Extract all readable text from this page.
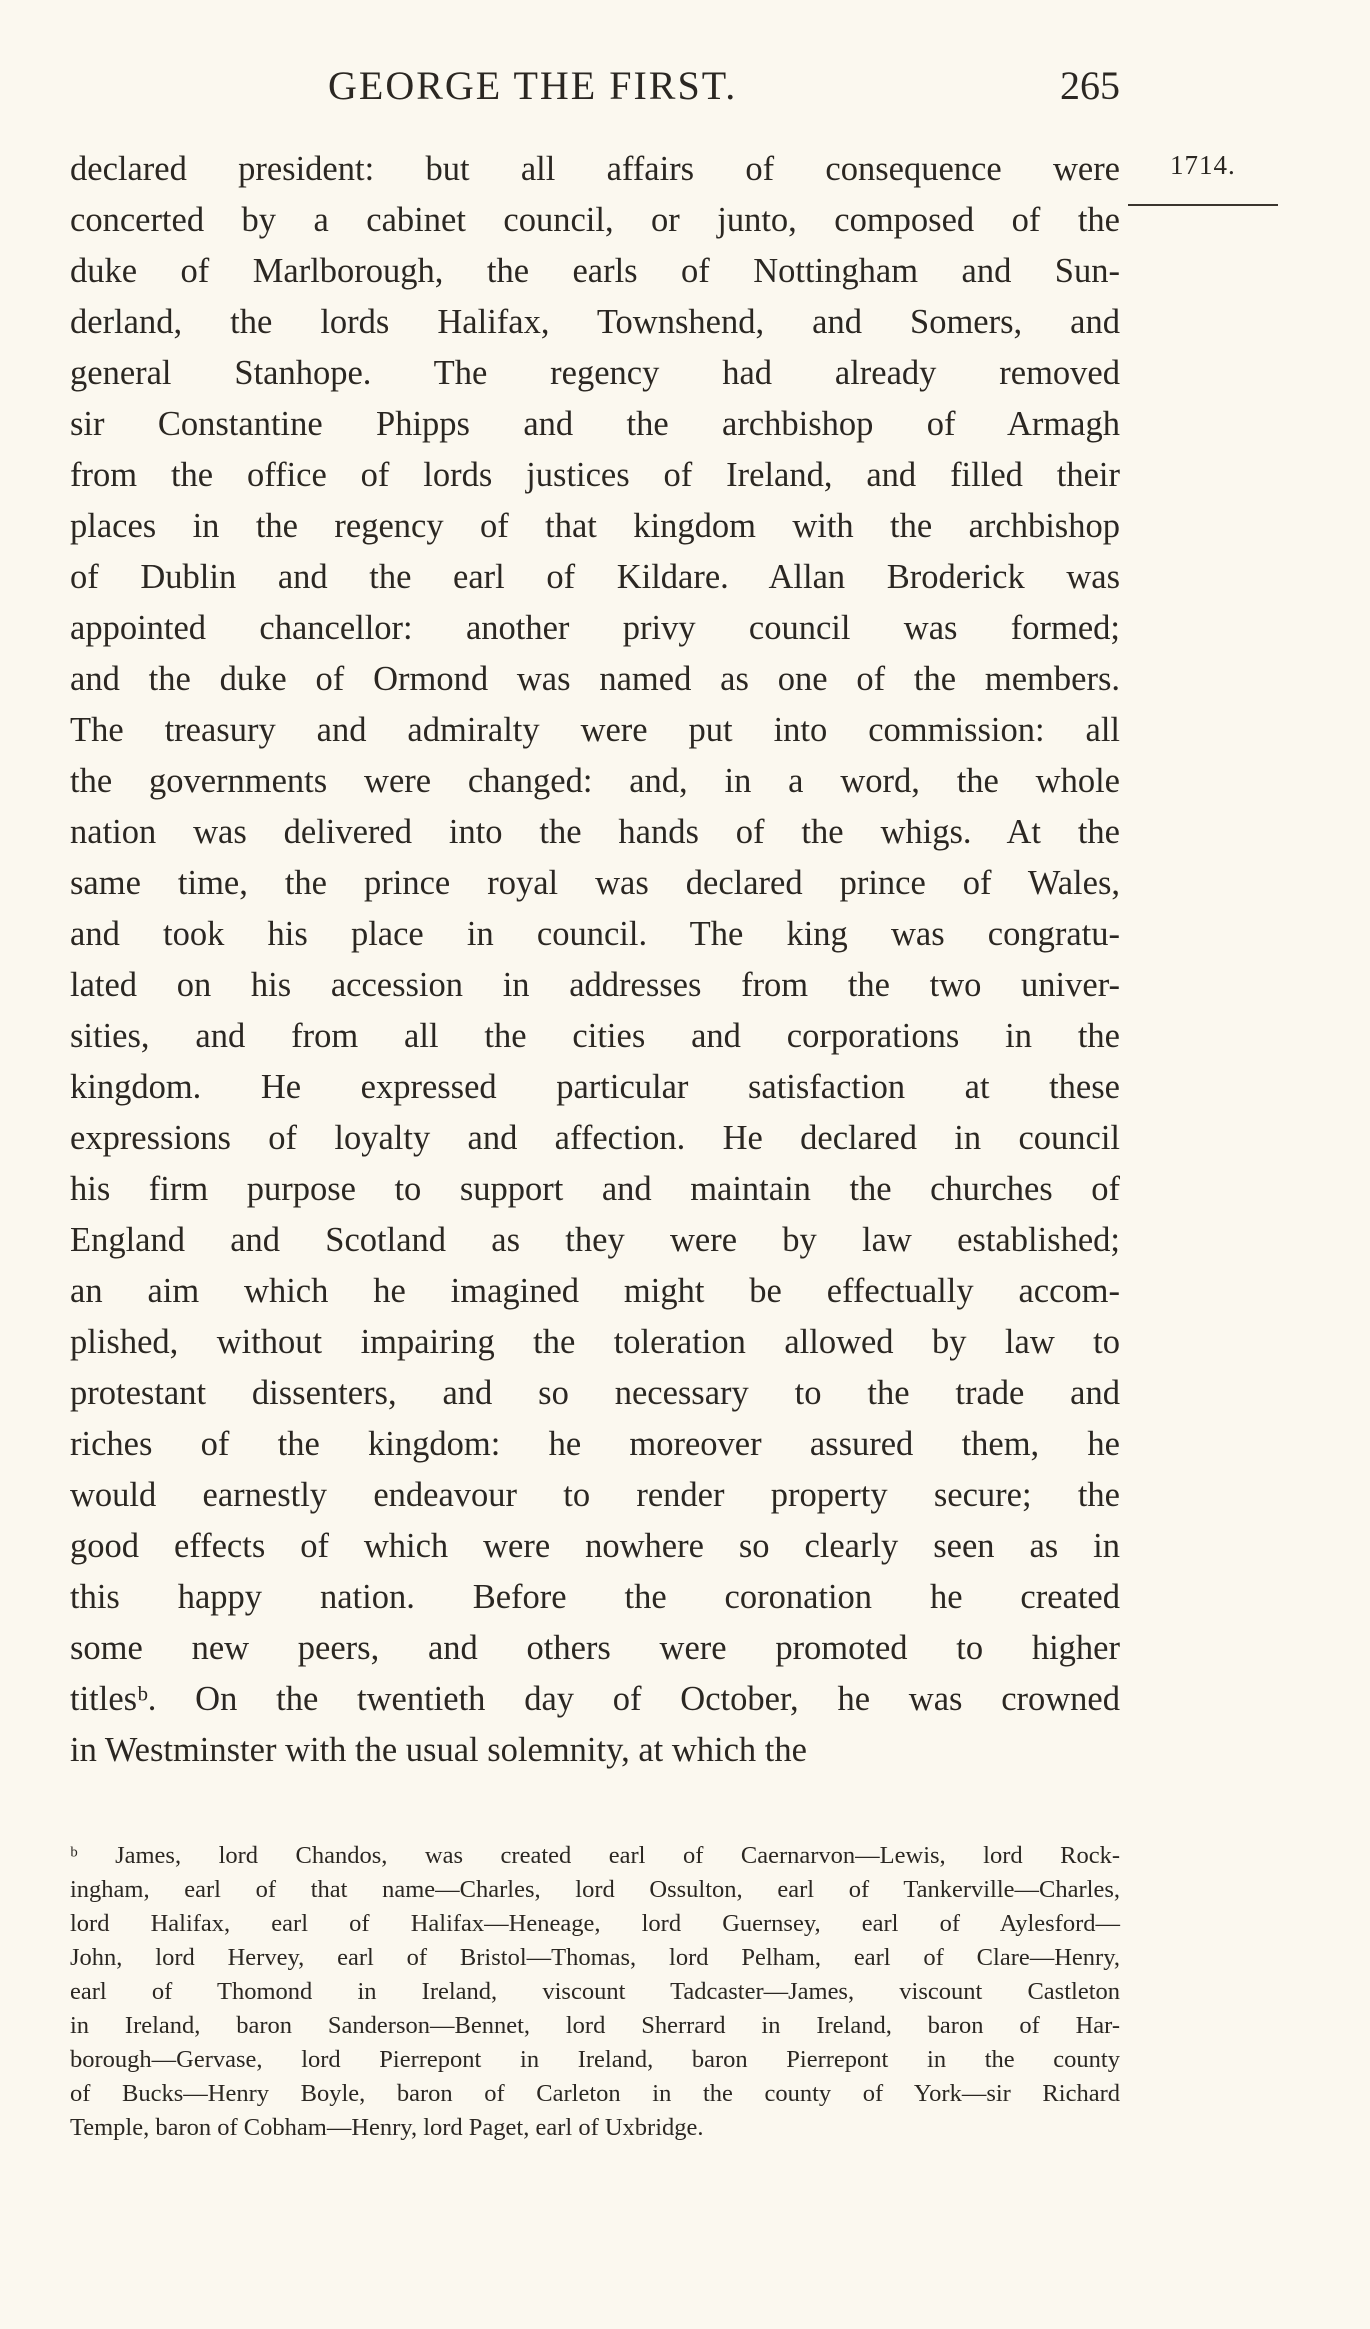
GEORGE THE FIRST.	265
1714.
declared president: but all affairs of consequence were
concerted by a cabinet council, or junto, composed of the
duke of Marlborough, the earls of Nottingham and Sun-
derland, the lords Halifax, Townshend, and Somers, and
general Stanhope. The regency had already removed
sir Constantine Phipps and the archbishop of Armagh
from the office of lords justices of Ireland, and filled their
places in the regency of that kingdom with the archbishop
of Dublin and the earl of Kildare. Allan Broderick was
appointed chancellor: another privy council was formed;
and the duke of Ormond was named as one of the members.
The treasury and admiralty were put into commission: all
the governments were changed: and, in a word, the whole
nation was delivered into the hands of the whigs. At the
same time, the prince royal was declared prince of Wales,
and took his place in council. The king was congratu-
lated on his accession in addresses from the two univer-
sities, and from all the cities and corporations in the
kingdom. He expressed particular satisfaction at these
expressions of loyalty and affection. He declared in council
his firm purpose to support and maintain the churches of
England and Scotland as they were by law established;
an aim which he imagined might be effectually accom-
plished, without impairing the toleration allowed by law to
protestant dissenters, and so necessary to the trade and
riches of the kingdom: he moreover assured them, he
would earnestly endeavour to render property secure; the
good effects of which were nowhere so clearly seen as in
this happy nation. Before the coronation he created
some new peers, and others were promoted to higher
titlesᵇ. On the twentieth day of October, he was crowned
in Westminster with the usual solemnity, at which the
ᵇ James, lord Chandos, was created earl of Caernarvon—Lewis, lord Rock-
ingham, earl of that name—Charles, lord Ossulton, earl of Tankerville—Charles,
lord Halifax, earl of Halifax—Heneage, lord Guernsey, earl of Aylesford—
John, lord Hervey, earl of Bristol—Thomas, lord Pelham, earl of Clare—Henry,
earl of Thomond in Ireland, viscount Tadcaster—James, viscount Castleton
in Ireland, baron Sanderson—Bennet, lord Sherrard in Ireland, baron of Har-
borough—Gervase, lord Pierrepont in Ireland, baron Pierrepont in the county
of Bucks—Henry Boyle, baron of Carleton in the county of York—sir Richard
Temple, baron of Cobham—Henry, lord Paget, earl of Uxbridge.
